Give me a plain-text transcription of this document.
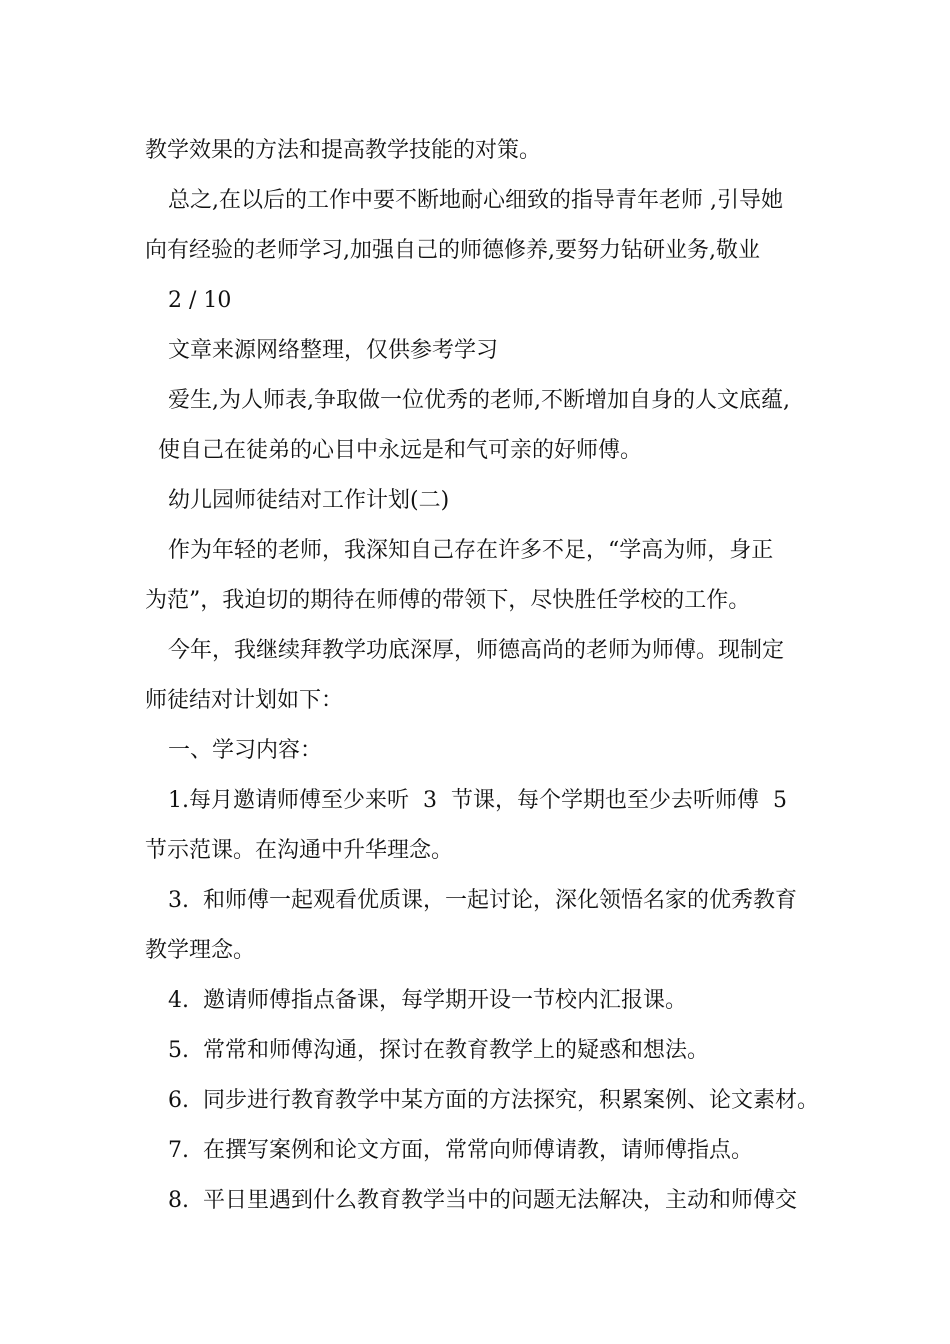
教学效果的方法和提高教学技能的对策。
总之,在以后的工作中要不断地耐心细致的指导青年老师 ,引导她
向有经验的老师学习,加强自己的师德修养,要努力钻研业务,敬业
2 / 10
文章来源网络整理，仅供参考学习
爱生,为人师表,争取做一位优秀的老师,不断增加自身的人文底蕴,
使自己在徒弟的心目中永远是和气可亲的好师傅。
幼儿园师徒结对工作计划(二)
作为年轻的老师，我深知自己存在许多不足，“学高为师，身正
为范”，我迫切的期待在师傅的带领下，尽快胜任学校的工作。
今年，我继续拜教学功底深厚，师德高尚的老师为师傅。现制定
师徒结对计划如下：
一、学习内容：
1.每月邀请师傅至少来听  3  节课，每个学期也至少去听师傅  5
节示范课。在沟通中升华理念。
3.  和师傅一起观看优质课，一起讨论，深化领悟名家的优秀教育
教学理念。
4.  邀请师傅指点备课，每学期开设一节校内汇报课。
5.  常常和师傅沟通，探讨在教育教学上的疑惑和想法。
6.  同步进行教育教学中某方面的方法探究，积累案例、论文素材。
7.  在撰写案例和论文方面，常常向师傅请教，请师傅指点。
8.  平日里遇到什么教育教学当中的问题无法解决，主动和师傅交
